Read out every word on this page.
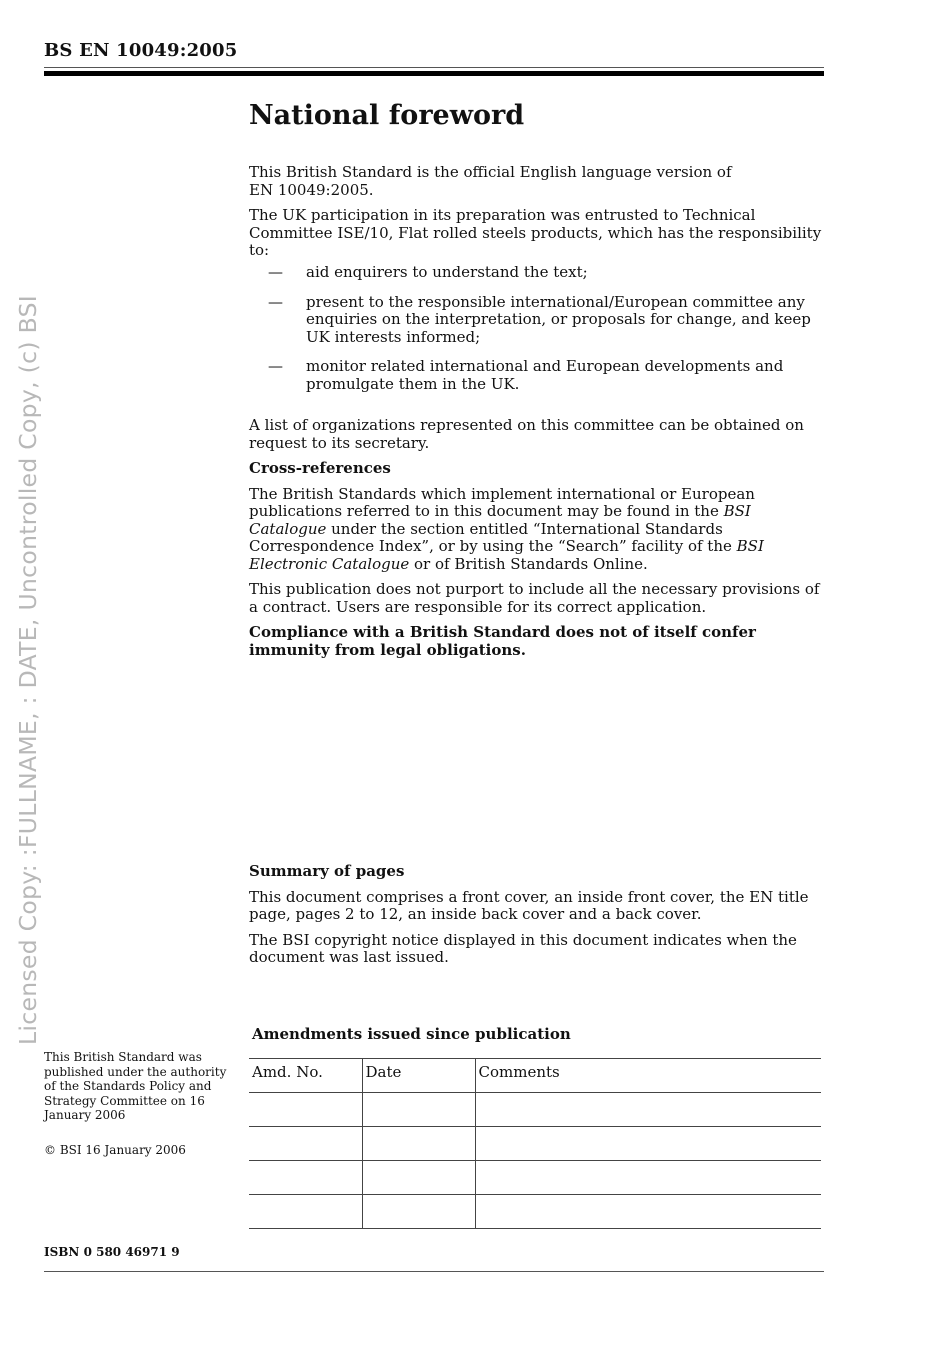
BS EN 10049:2005
Licensed Copy: :FULLNAME, : DATE, Uncontrolled Copy, (c) BSI
National foreword

This British Standard is the official English language version of
EN 10049:2005.

The UK participation in its preparation was entrusted to Technical Committee ISE/10, Flat rolled steels products, which has the responsibility to:

— aid enquirers to understand the text;
— present to the responsible international/European committee any enquiries on the interpretation, or proposals for change, and keep UK interests informed;
— monitor related international and European developments and promulgate them in the UK.

A list of organizations represented on this committee can be obtained on request to its secretary.

Cross-references

The British Standards which implement international or European publications referred to in this document may be found in the BSI Catalogue under the section entitled “International Standards Correspondence Index”, or by using the “Search” facility of the BSI Electronic Catalogue or of British Standards Online.

This publication does not purport to include all the necessary provisions of a contract. Users are responsible for its correct application.

Compliance with a British Standard does not of itself confer immunity from legal obligations.

Summary of pages

This document comprises a front cover, an inside front cover, the EN title page, pages 2 to 12, an inside back cover and a back cover.

The BSI copyright notice displayed in this document indicates when the document was last issued.

Amendments issued since publication
Amd. No.	Date	Comments

This British Standard was published under the authority of the Standards Policy and Strategy Committee on 16 January 2006

© BSI 16 January 2006

ISBN 0 580 46971 9
